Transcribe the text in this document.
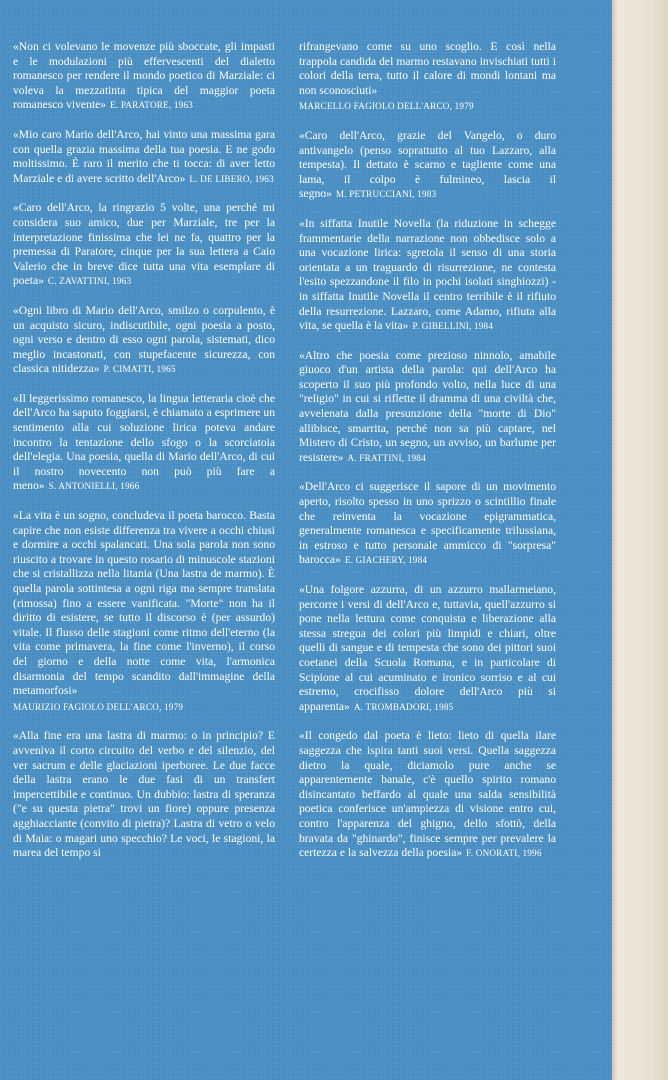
«Non ci volevano le movenze più sboccate, gli impasti e le modulazioni più effervescenti del dialetto romanesco per rendere il mondo poetico di Marziale: ci voleva la mezzatinta tipica del maggior poeta romanesco vivente» E. PARATORE, 1963

«Mio caro Mario dell'Arco, hai vinto una massima gara con quella grazia massima della tua poesia. E ne godo moltissimo. È raro il merito che ti tocca: di aver letto Marziale e di avere scritto dell'Arco» L. DE LIBERO, 1963

«Caro dell'Arco, la ringrazio 5 volte, una perché mi considera suo amico, due per Marziale, tre per la interpretazione finissima che lei ne fa, quattro per la premessa di Paratore, cinque per la sua lettera a Caio Valerio che in breve dice tutta una vita esemplare di poeta» C. ZAVATTINI, 1963

«Ogni libro di Mario dell'Arco, smilzo o corpulento, è un acquisto sicuro, indiscutibile, ogni poesia a posto, ogni verso e dentro di esso ogni parola, sistemati, dico meglio incastonati, con stupefacente sicurezza, con classica nitidezza» P. CIMATTI, 1965

«Il leggerissimo romanesco, la lingua letteraria cioè che dell'Arco ha saputo foggiarsi, è chiamato a esprimere un sentimento alla cui soluzione lirica poteva andare incontro la tentazione dello sfogo o la scorciatoia dell'elegia. Una poesia, quella di Mario dell'Arco, di cui il nostro novecento non può più fare a meno» S. ANTONIELLI, 1966

«La vita è un sogno, concludeva il poeta barocco. Basta capire che non esiste differenza tra vivere a occhi chiusi e dormire a occhi spalancati. Una sola parola non sono riuscito a trovare in questo rosario di minuscole stazioni che si cristallizza nella litania (Una lastra de marmo). È quella parola sottintesa a ogni riga ma sempre translata (rimossa) fino a essere vanificata. "Morte" non ha il diritto di esistere, se tutto il discorso è (per assurdo) vitale. Il flusso delle stagioni come ritmo dell'eterno (la vita come primavera, la fine come l'inverno), il corso del giorno e della notte come vita, l'armonica disarmonia del tempo scandito dall'immagine della metamorfosi»
MAURIZIO FAGIOLO DELL'ARCO, 1979

«Alla fine era una lastra di marmo: o in principio? E avveniva il corto circuito del verbo e del silenzio, del ver sacrum e delle glaciazioni iperboree. Le due facce della lastra erano le due fasi di un transfert impercettibile e continuo. Un dubbio: lastra di speranza ("e su questa pietra" trovi un fiore) oppure presenza agghiacciante (convito di pietra)? Lastra di vetro o velo di Maia: o magari uno specchio? Le voci, le stagioni, la marea del tempo si

rifrangevano come su uno scoglio. E così nella trappola candida del marmo restavano invischiati tutti i colori della terra, tutto il calore di mondi lontani ma non sconosciuti»
MARCELLO FAGIOLO DELL'ARCO, 1979

«Caro dell'Arco, grazie del Vangelo, o duro antivangelo (penso soprattutto al tuo Lazzaro, alla tempesta). Il dettato è scarno e tagliente come una lama, il colpo è fulmineo, lascia il segno» M. PETRUCCIANI, 1983

«In siffatta Inutile Novella (la riduzione in schegge frammentarie della narrazione non obbedisce solo a una vocazione lirica: sgretola il senso di una storia orientata a un traguardo di risurrezione, ne contesta l'esito spezzandone il filo in pochi isolati singhiozzi) - in siffatta Inutile Novella il centro terribile è il rifiuto della resurrezione. Lazzaro, come Adamo, rifiuta alla vita, se quella è la vita» P. GIBELLINI, 1984

«Altro che poesia come prezioso ninnolo, amabile giuoco d'un artista della parola: qui dell'Arco ha scoperto il suo più profondo volto, nella luce di una "religio" in cui si riflette il dramma di una civiltà che, avvelenata dalla presunzione della "morte di Dio" allibisce, smarrita, perché non sa più captare, nel Mistero di Cristo, un segno, un avviso, un barlume per resistere» A. FRATTINI, 1984

«Dell'Arco ci suggerisce il sapore di un movimento aperto, risolto spesso in uno sprizzo o scintillio finale che reinventa la vocazione epigrammatica, generalmente romanesca e specificamente trilussiana, in estroso e tutto personale ammicco di "sorpresa" barocca» E. GIACHERY, 1984

«Una folgore azzurra, di un azzurro mallarmeiano, percorre i versi di dell'Arco e, tuttavia, quell'azzurro si pone nella lettura come conquista e liberazione alla stessa stregua dei colori più limpidi e chiari, oltre quelli di sangue e di tempesta che sono dei pittori suoi coetanei della Scuola Romana, e in particolare di Scipione al cui acuminato e ironico sorriso e al cui estremo, crocifisso dolore dell'Arco più si apparenta» A. TROMBADORI, 1985

«Il congedo dal poeta è lieto: lieto di quella ilare saggezza che ispira tanti suoi versi. Quella saggezza dietro la quale, diciamolo pure anche se apparentemente banale, c'è quello spirito romano disincantato beffardo al quale una salda sensibilità poetica conferisce un'ampiezza di visione entro cui, contro l'apparenza del ghigno, dello sfottò, della bravata da "ghinardo", finisce sempre per prevalere la certezza e la salvezza della poesia» F. ONORATI, 1996
